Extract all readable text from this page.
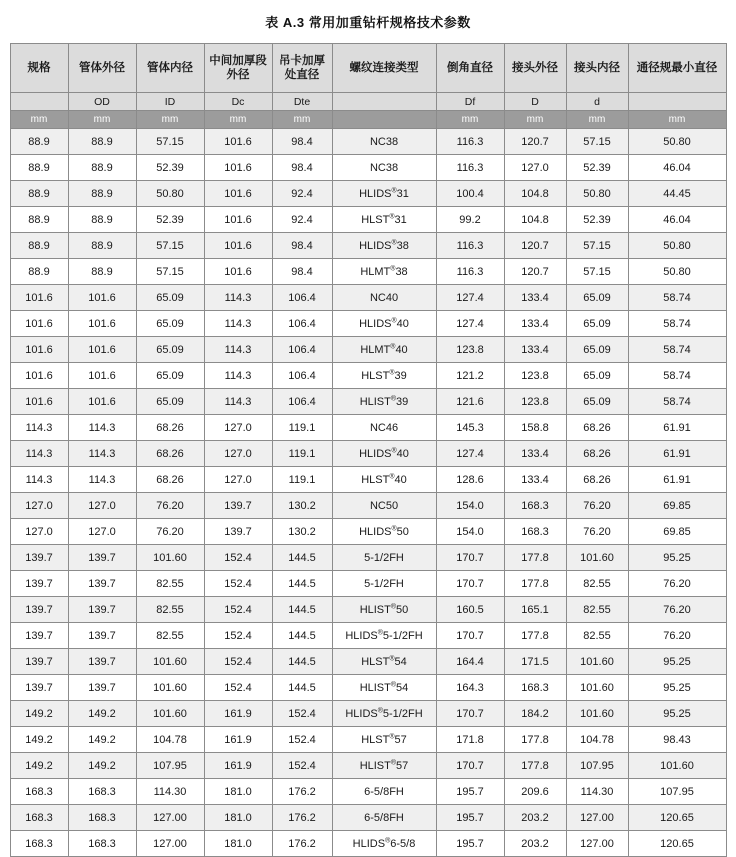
表 A.3 常用加重钻杆规格技术参数
规格	管体外径	管体内径	中间加厚段外径	吊卡加厚处直径	螺纹连接类型	倒角直径	接头外径	接头内径	通径规最小直径
	OD	ID	Dc	Dte		Df	D	d	
mm	mm	mm	mm	mm		mm	mm	mm	mm
88.9	88.9	57.15	101.6	98.4	NC38	116.3	120.7	57.15	50.80
88.9	88.9	52.39	101.6	98.4	NC38	116.3	127.0	52.39	46.04
88.9	88.9	50.80	101.6	92.4	HLIDS®31	100.4	104.8	50.80	44.45
88.9	88.9	52.39	101.6	92.4	HLST®31	99.2	104.8	52.39	46.04
88.9	88.9	57.15	101.6	98.4	HLIDS®38	116.3	120.7	57.15	50.80
88.9	88.9	57.15	101.6	98.4	HLMT®38	116.3	120.7	57.15	50.80
101.6	101.6	65.09	114.3	106.4	NC40	127.4	133.4	65.09	58.74
101.6	101.6	65.09	114.3	106.4	HLIDS®40	127.4	133.4	65.09	58.74
101.6	101.6	65.09	114.3	106.4	HLMT®40	123.8	133.4	65.09	58.74
101.6	101.6	65.09	114.3	106.4	HLST®39	121.2	123.8	65.09	58.74
101.6	101.6	65.09	114.3	106.4	HLIST®39	121.6	123.8	65.09	58.74
114.3	114.3	68.26	127.0	119.1	NC46	145.3	158.8	68.26	61.91
114.3	114.3	68.26	127.0	119.1	HLIDS®40	127.4	133.4	68.26	61.91
114.3	114.3	68.26	127.0	119.1	HLST®40	128.6	133.4	68.26	61.91
127.0	127.0	76.20	139.7	130.2	NC50	154.0	168.3	76.20	69.85
127.0	127.0	76.20	139.7	130.2	HLIDS®50	154.0	168.3	76.20	69.85
139.7	139.7	101.60	152.4	144.5	5-1/2FH	170.7	177.8	101.60	95.25
139.7	139.7	82.55	152.4	144.5	5-1/2FH	170.7	177.8	82.55	76.20
139.7	139.7	82.55	152.4	144.5	HLIST®50	160.5	165.1	82.55	76.20
139.7	139.7	82.55	152.4	144.5	HLIDS®5-1/2FH	170.7	177.8	82.55	76.20
139.7	139.7	101.60	152.4	144.5	HLST®54	164.4	171.5	101.60	95.25
139.7	139.7	101.60	152.4	144.5	HLIST®54	164.3	168.3	101.60	95.25
149.2	149.2	101.60	161.9	152.4	HLIDS®5-1/2FH	170.7	184.2	101.60	95.25
149.2	149.2	104.78	161.9	152.4	HLST®57	171.8	177.8	104.78	98.43
149.2	149.2	107.95	161.9	152.4	HLIST®57	170.7	177.8	107.95	101.60
168.3	168.3	114.30	181.0	176.2	6-5/8FH	195.7	209.6	114.30	107.95
168.3	168.3	127.00	181.0	176.2	6-5/8FH	195.7	203.2	127.00	120.65
168.3	168.3	127.00	181.0	176.2	HLIDS®6-5/8	195.7	203.2	127.00	120.65
